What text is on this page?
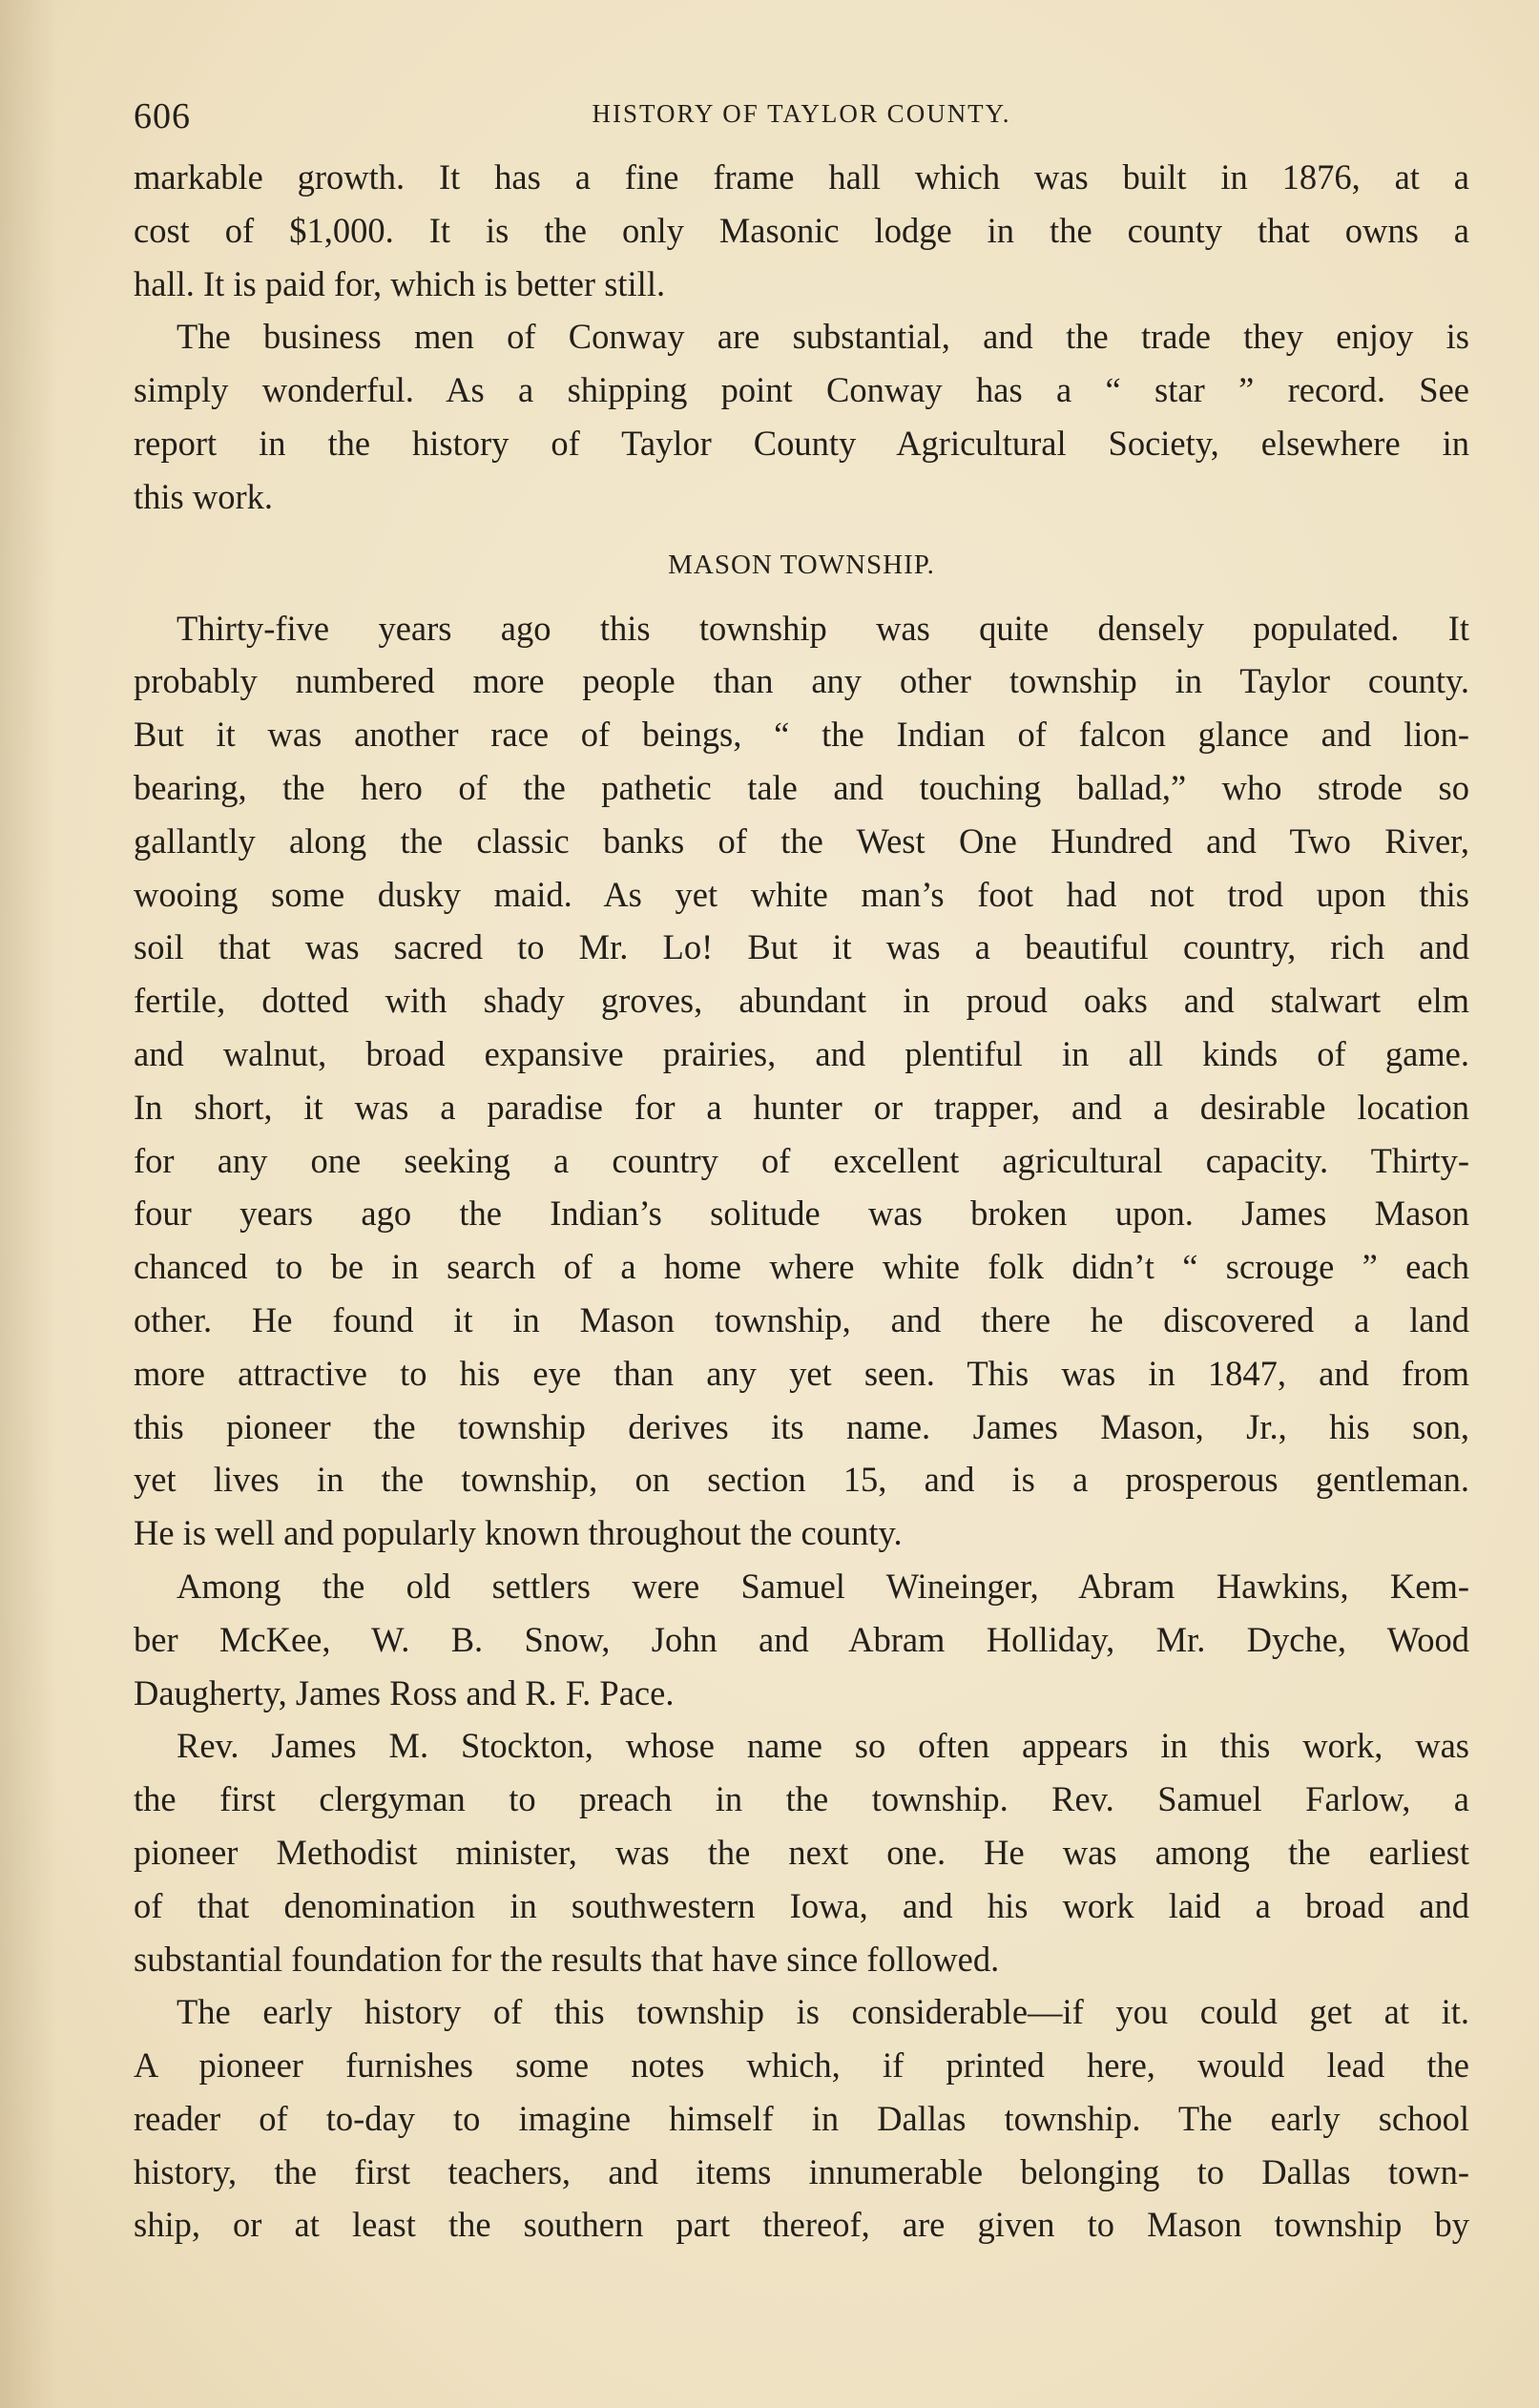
606	HISTORY OF TAYLOR COUNTY.
markable growth. It has a fine frame hall which was built in 1876, at a
cost of $1,000. It is the only Masonic lodge in the county that owns a
hall. It is paid for, which is better still.
The business men of Conway are substantial, and the trade they enjoy is
simply wonderful. As a shipping point Conway has a “ star ” record. See
report in the history of Taylor County Agricultural Society, elsewhere in
this work.
MASON TOWNSHIP.
Thirty-five years ago this township was quite densely populated. It
probably numbered more people than any other township in Taylor county.
But it was another race of beings, “ the Indian of falcon glance and lion-
bearing, the hero of the pathetic tale and touching ballad,” who strode so
gallantly along the classic banks of the West One Hundred and Two River,
wooing some dusky maid. As yet white man’s foot had not trod upon this
soil that was sacred to Mr. Lo! But it was a beautiful country, rich and
fertile, dotted with shady groves, abundant in proud oaks and stalwart elm
and walnut, broad expansive prairies, and plentiful in all kinds of game.
In short, it was a paradise for a hunter or trapper, and a desirable location
for any one seeking a country of excellent agricultural capacity. Thirty-
four years ago the Indian’s solitude was broken upon. James Mason
chanced to be in search of a home where white folk didn’t “ scrouge ” each
other. He found it in Mason township, and there he discovered a land
more attractive to his eye than any yet seen. This was in 1847, and from
this pioneer the township derives its name. James Mason, Jr., his son,
yet lives in the township, on section 15, and is a prosperous gentleman.
He is well and popularly known throughout the county.
Among the old settlers were Samuel Wineinger, Abram Hawkins, Kem-
ber McKee, W. B. Snow, John and Abram Holliday, Mr. Dyche, Wood
Daugherty, James Ross and R. F. Pace.
Rev. James M. Stockton, whose name so often appears in this work, was
the first clergyman to preach in the township. Rev. Samuel Farlow, a
pioneer Methodist minister, was the next one. He was among the earliest
of that denomination in southwestern Iowa, and his work laid a broad and
substantial foundation for the results that have since followed.
The early history of this township is considerable—if you could get at it.
A pioneer furnishes some notes which, if printed here, would lead the
reader of to-day to imagine himself in Dallas township. The early school
history, the first teachers, and items innumerable belonging to Dallas town-
ship, or at least the southern part thereof, are given to Mason township by
